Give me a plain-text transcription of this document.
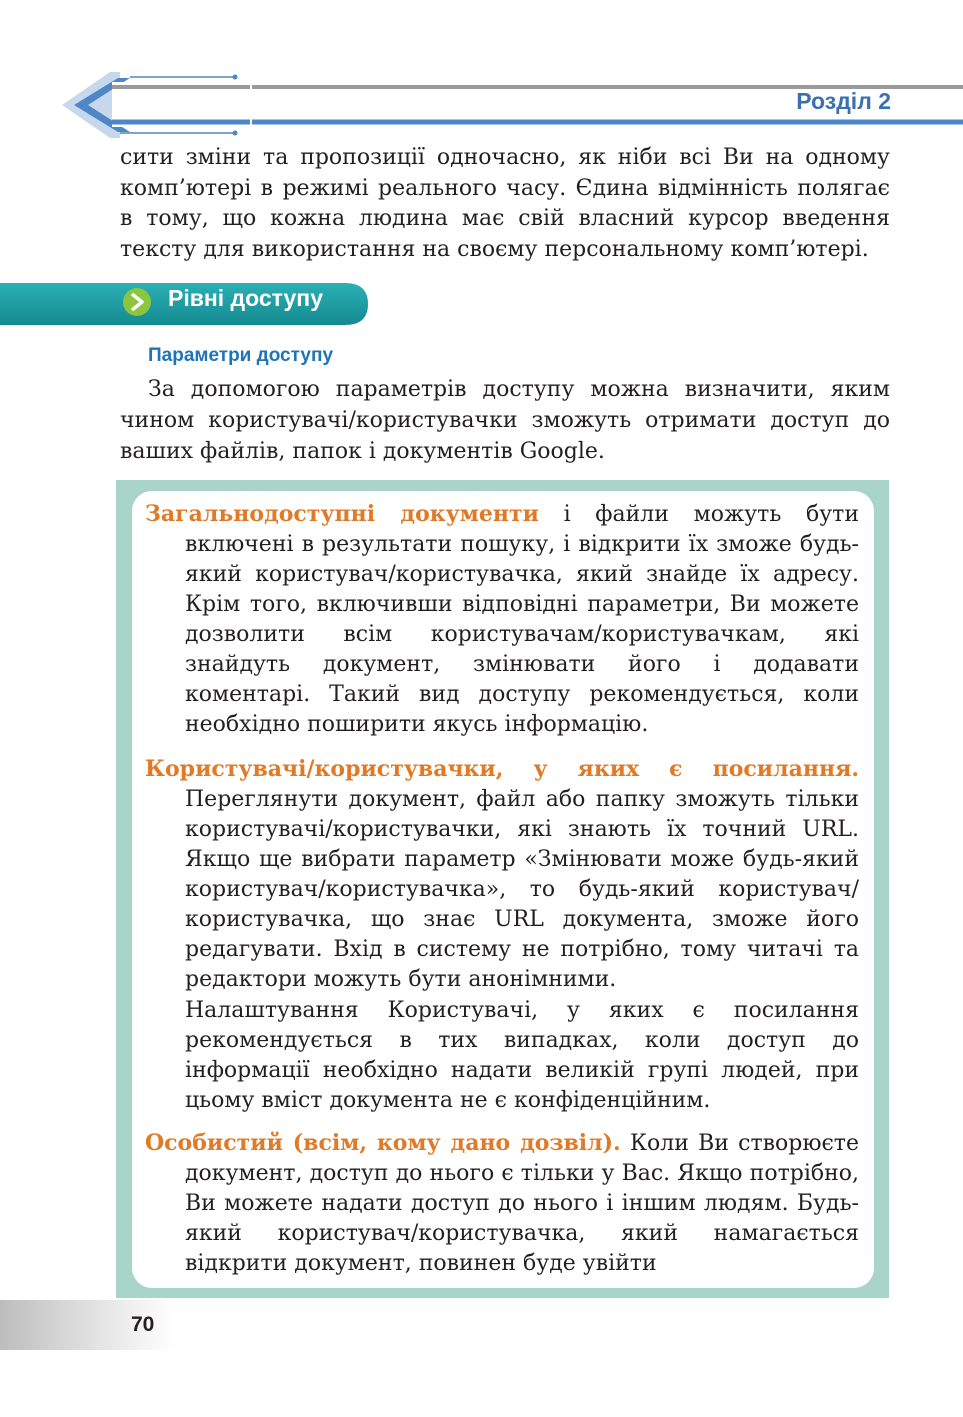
Розділ 2

сити зміни та пропозиції одночасно, як ніби всі Ви на одному комп’ютері в режимі реального часу. Єдина відмінність полягає в тому, що кожна людина має свій власний курсор введення тексту для використання на своєму персональному комп’ютері.

Рівні доступу
Параметри доступу

За допомогою параметрів доступу можна визначити, яким чином користувачі/користувачки зможуть отримати доступ до ваших файлів, папок і документів Google.

Загальнодоступні документи і файли можуть бути включені в результати пошуку, і відкрити їх зможе будь-який користувач/користувачка, який знайде їх адресу. Крім того, включивши відповідні параметри, Ви можете дозволити всім користувачам/користувачкам, які знайдуть документ, змінювати його і додавати коментарі. Такий вид доступу рекомендується, коли необхідно поширити якусь інформацію.
Користувачі/користувачки, у яких є посилання. Переглянути документ, файл або папку зможуть тільки користувачі/користувачки, які знають їх точний URL. Якщо ще вибрати параметр «Змінювати може будь-який користувач/користувачка», то будь-який користувач/користувачка, що знає URL документа, зможе його редагувати. Вхід в систему не потрібно, тому читачі та редактори можуть бути анонімними.
Налаштування Користувачі, у яких є посилання рекомендується в тих випадках, коли доступ до інформації необхідно надати великій групі людей, при цьому вміст документа не є конфіденційним.
Особистий (всім, кому дано дозвіл). Коли Ви створюєте документ, доступ до нього є тільки у Вас. Якщо потрібно, Ви можете надати доступ до нього і іншим людям. Будь-який користувач/користувачка, який намагається відкрити документ, повинен буде увійти
70
